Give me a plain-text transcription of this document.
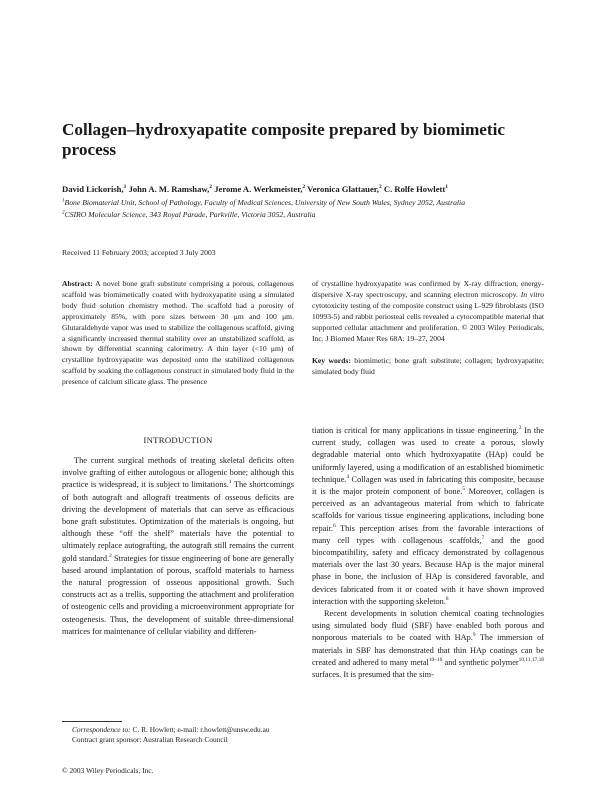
Collagen–hydroxyapatite composite prepared by biomimetic process
David Lickorish,$^1$ John A. M. Ramshaw,$^2$ Jerome A. Werkmeister,$^2$ Veronica Glattauer,$^2$ C. Rolfe Howlett$^1$
$^1$Bone Biomaterial Unit, School of Pathology, Faculty of Medical Sciences, University of New South Wales, Sydney 2052, Australia
$^2$CSIRO Molecular Science, 343 Royal Parade, Parkville, Victoria 3052, Australia
Received 11 February 2003; accepted 3 July 2003
Abstract: A novel bone graft substitute comprising a porous, collagenous scaffold was biomimetically coated with hydroxyapatite using a simulated body fluid solution chemistry method. The scaffold had a porosity of approximately 85%, with pore sizes between 30 μm and 100 μm. Glutaraldehyde vapor was used to stabilize the collagenous scaffold, giving a significantly increased thermal stability over an unstabilized scaffold, as shown by differential scanning calorimetry. A thin layer (<10 μm) of crystalline hydroxyapatite was deposited onto the stabilized collagenous scaffold by soaking the collagenous construct in simulated body fluid in the presence of calcium silicate glass. The presence

of crystalline hydroxyapatite was confirmed by X-ray diffraction, energy-dispersive X-ray spectroscopy, and scanning electron microscopy. In vitro cytotoxicity testing of the composite construct using L-929 fibroblasts (ISO 10993-5) and rabbit periosteal cells revealed a cytocompatible material that supported cellular attachment and proliferation. © 2003 Wiley Periodicals, Inc. J Biomed Mater Res 68A: 19–27, 2004

Key words: biomimetic; bone graft substitute; collagen; hydroxyapatite; simulated body fluid

INTRODUCTION

The current surgical methods of treating skeletal deficits often involve grafting of either autologous or allogenic bone; although this practice is widespread, it is subject to limitations.$^1$ The shortcomings of both autograft and allograft treatments of osseous deficits are driving the development of materials that can serve as efficacious bone graft substitutes. Optimization of the materials is ongoing, but although these “off the shelf” materials have the potential to ultimately replace autografting, the autograft still remains the current gold standard.$^2$ Strategies for tissue engineering of bone are generally based around implantation of porous, scaffold materials to harness the natural progression of osseous appositional growth. Such constructs act as a trellis, supporting the attachment and proliferation of osteogenic cells and providing a microenvironment appropriate for osteogenesis. Thus, the development of suitable three-dimensional matrices for maintenance of cellular viability and differen-

tiation is critical for many applications in tissue engineering.$^3$ In the current study, collagen was used to create a porous, slowly degradable material onto which hydroxyapatite (HAp) could be uniformly layered, using a modification of an established biomimetic technique.$^4$ Collagen was used in fabricating this composite, because it is the major protein component of bone.$^5$ Moreover, collagen is perceived as an advantageous material from which to fabricate scaffolds for various tissue engineering applications, including bone repair.$^6$ This perception arises from the favorable interactions of many cell types with collagenous scaffolds,$^7$ and the good biocompatibility, safety and efficacy demonstrated by collagenous materials over the last 30 years. Because HAp is the major mineral phase in bone, the inclusion of HAp is considered favorable, and devices fabricated from it or coated with it have shown improved interaction with the supporting skeleton.$^8$

Recent developments in solution chemical coating technologies using simulated body fluid (SBF) have enabled both porous and nonporous materials to be coated with HAp.$^9$ The immersion of materials in SBF has demonstrated that thin HAp coatings can be created and adhered to many metal$^{10-16}$ and synthetic polymer$^{10,11,17,18}$ surfaces. It is presumed that the sim-

Correspondence to: C. R. Howlett; e-mail: r.howlett@unsw.edu.au

Contract grant sponsor: Australian Research Council

© 2003 Wiley Periodicals, Inc.
